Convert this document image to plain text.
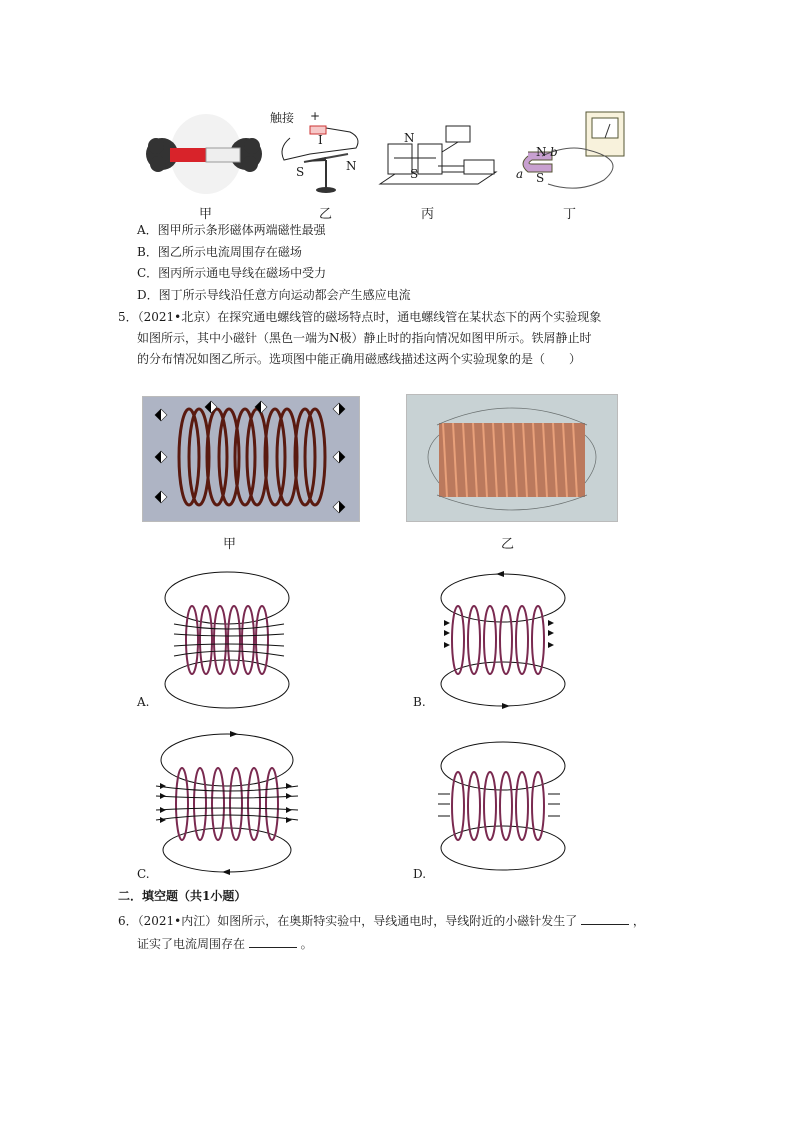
触接 +
I
S	N
N
S
N
S
a
b
甲	乙	丙	丁
A．图甲所示条形磁体两端磁性最强
B．图乙所示电流周围存在磁场
C．图丙所示通电导线在磁场中受力
D．图丁所示导线沿任意方向运动都会产生感应电流
5．（2021•北京）在探究通电螺线管的磁场特点时，通电螺线管在某状态下的两个实验现象
如图所示，其中小磁针（黑色一端为N极）静止时的指向情况如图甲所示。铁屑静止时
的分布情况如图乙所示。选项图中能正确用磁感线描述这两个实验现象的是（　　）
甲	乙
A.	B.
C.	D.
二．填空题（共1小题）
6．（2021•内江）如图所示，在奥斯特实验中，导线通电时，导线附近的小磁针发生了	，
证实了电流周围存在	。
